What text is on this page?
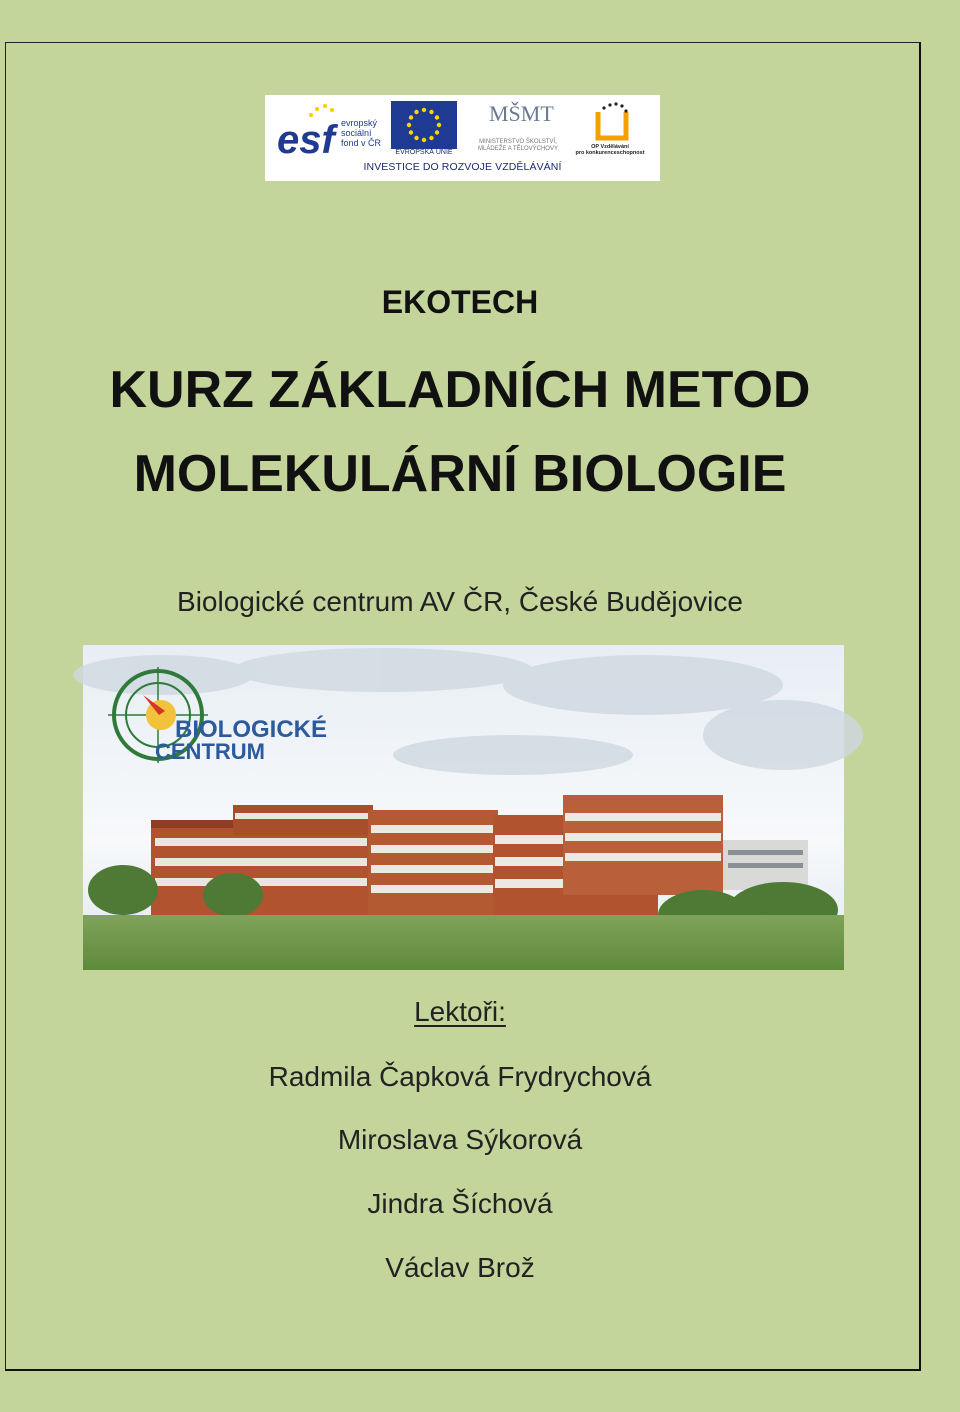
esf evropský
sociální
fond v ČR
EVROPSKÁ UNIE
MŠMT
MINISTERSTVO ŠKOLSTVÍ,
MLÁDEŽE A TĚLOVÝCHOVY	OP Vzdělávání
pro konkurenceschopnost
INVESTICE DO ROZVOJE VZDĚLÁVÁNÍ
EKOTECH
KURZ ZÁKLADNÍCH METOD
MOLEKULÁRNÍ BIOLOGIE
Biologické centrum AV ČR, České Budějovice
BIOLOGICKÉ
CENTRUM
Lektoři:
Radmila Čapková Frydrychová
Miroslava Sýkorová
Jindra Šíchová
Václav Brož
